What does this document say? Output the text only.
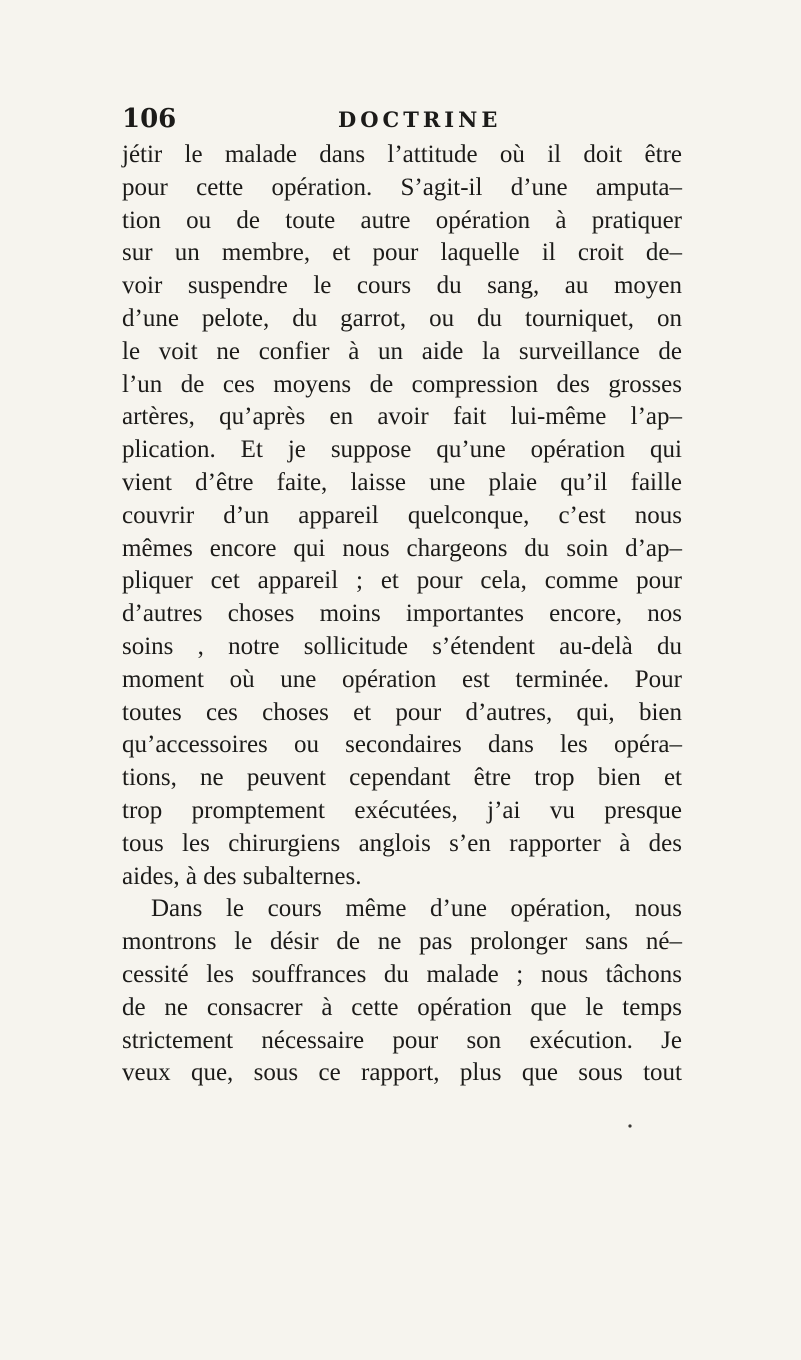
106	DOCTRINE
jétir le malade dans l’attitude où il doit être
pour cette opération. S’agit-il d’une amputa–
tion ou de toute autre opération à pratiquer
sur un membre, et pour laquelle il croit de–
voir suspendre le cours du sang, au moyen
d’une pelote, du garrot, ou du tourniquet, on
le voit ne confier à un aide la surveillance de
l’un de ces moyens de compression des grosses
artères, qu’après en avoir fait lui-même l’ap–
plication. Et je suppose qu’une opération qui
vient d’être faite, laisse une plaie qu’il faille
couvrir d’un appareil quelconque, c’est nous
mêmes encore qui nous chargeons du soin d’ap–
pliquer cet appareil ; et pour cela, comme pour
d’autres choses moins importantes encore, nos
soins , notre sollicitude s’étendent au-delà du
moment où une opération est terminée. Pour
toutes ces choses et pour d’autres, qui, bien
qu’accessoires ou secondaires dans les opéra–
tions, ne peuvent cependant être trop bien et
trop promptement exécutées, j’ai vu presque
tous les chirurgiens anglois s’en rapporter à des
aides, à des subalternes.
Dans le cours même d’une opération, nous
montrons le désir de ne pas prolonger sans né–
cessité les souffrances du malade ; nous tâchons
de ne consacrer à cette opération que le temps
strictement nécessaire pour son exécution. Je
veux que, sous ce rapport, plus que sous tout
